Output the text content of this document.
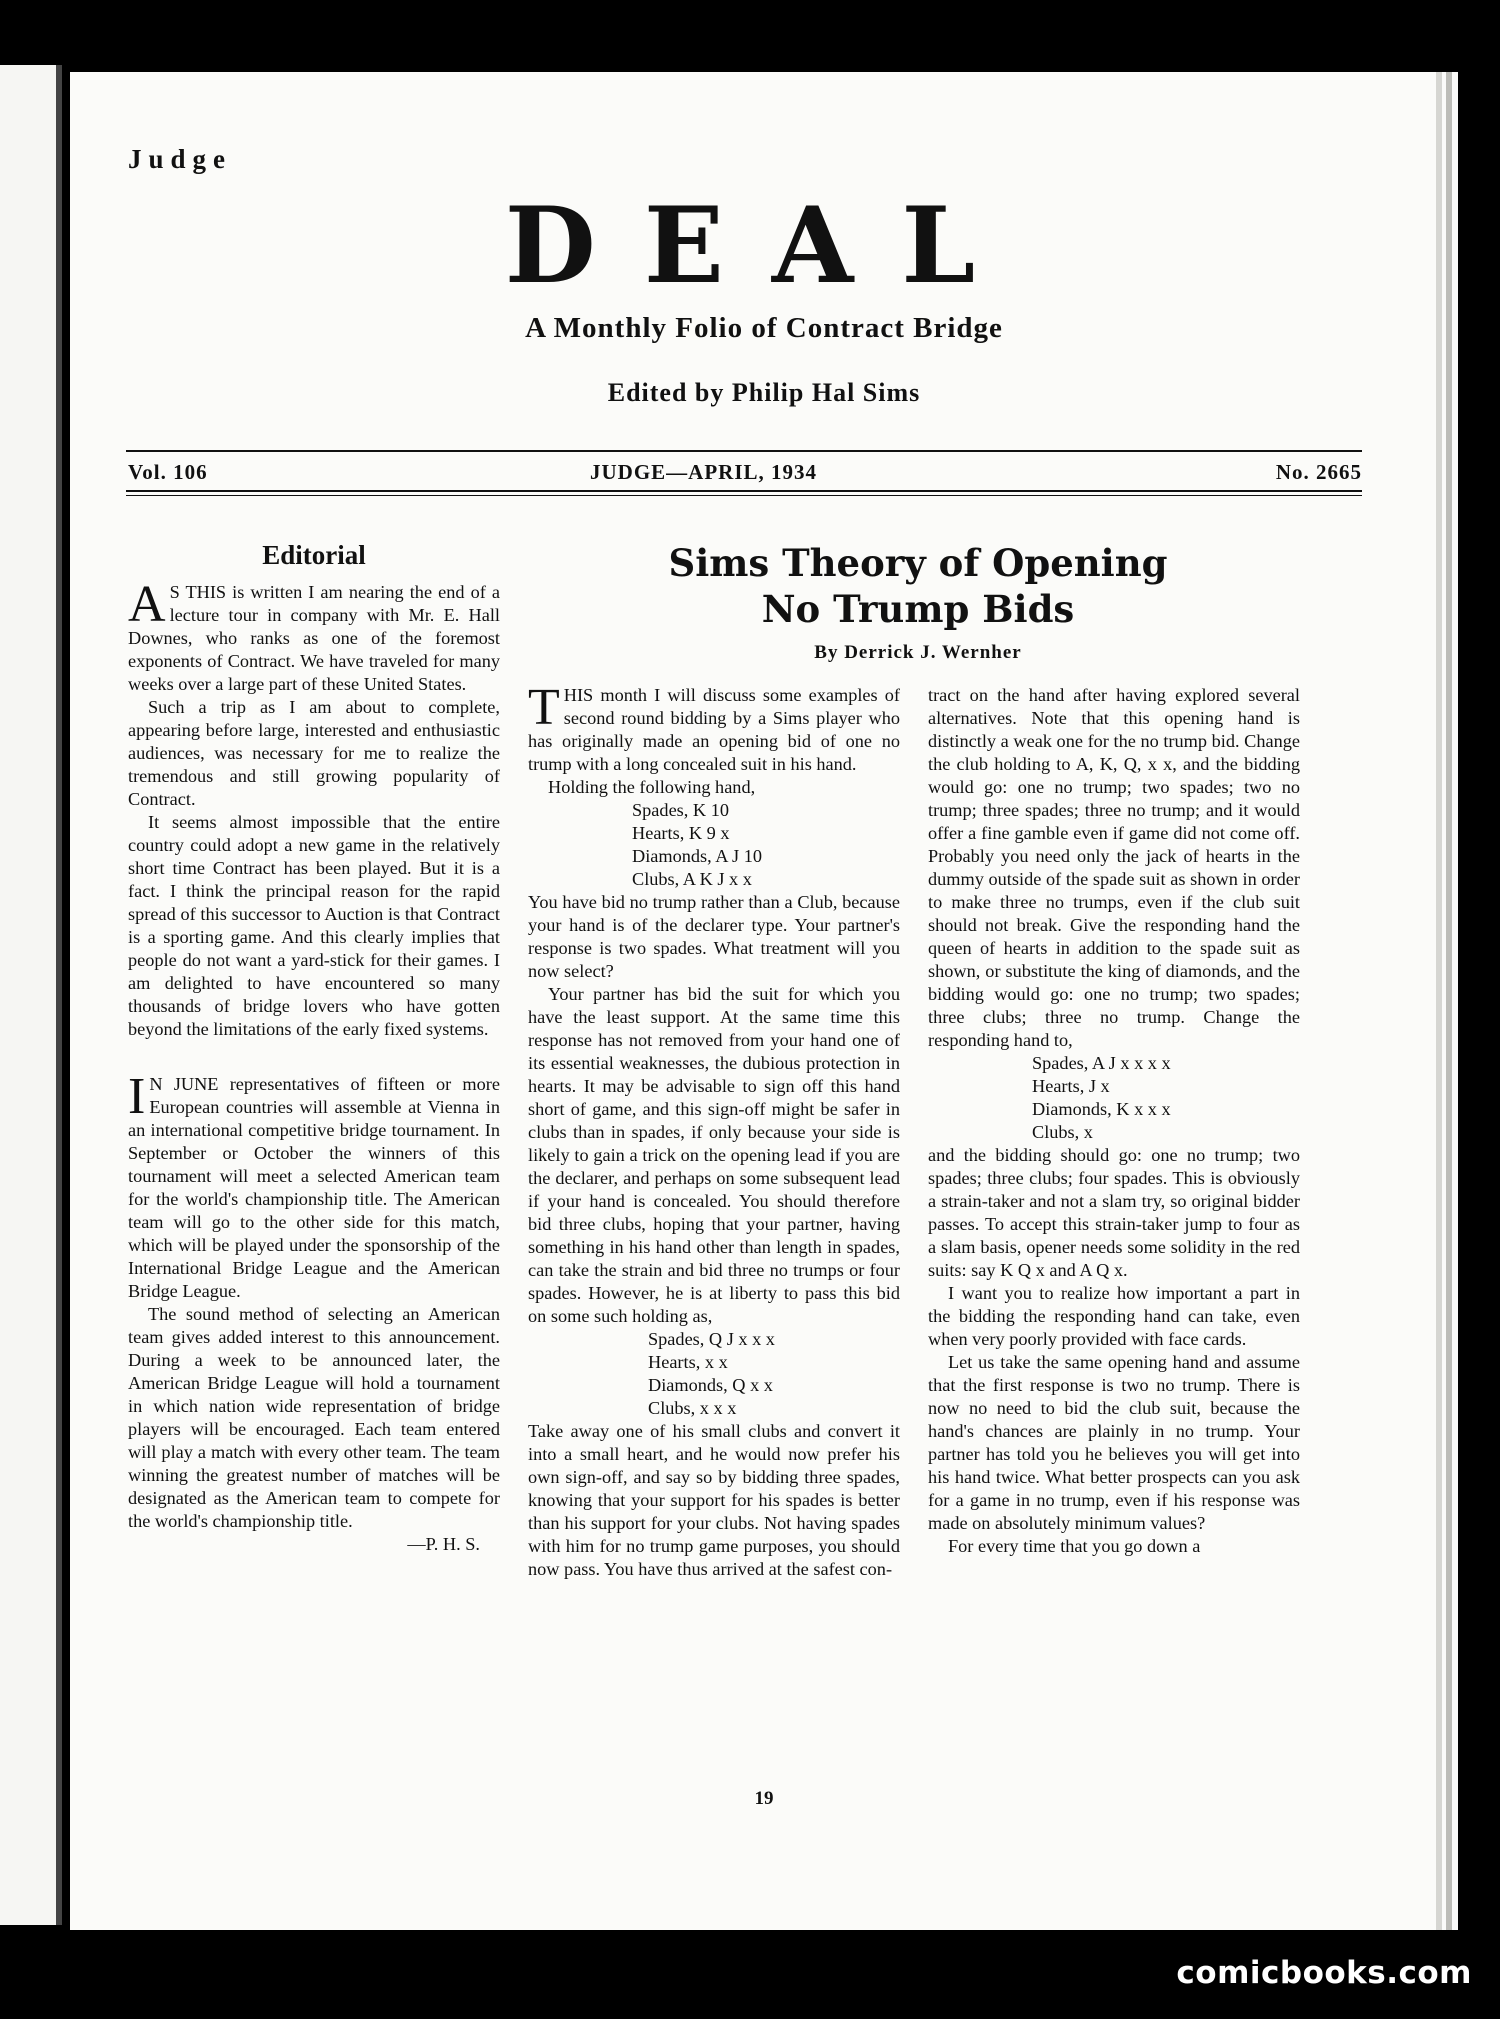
Judge
DEAL
A Monthly Folio of Contract Bridge
Edited by Philip Hal Sims
Vol. 106	JUDGE—APRIL, 1934	No. 2665
Editorial

A S THIS is written I am nearing the end of a lecture tour in company with Mr. E. Hall Downes, who ranks as one of the foremost exponents of Contract. We have traveled for many weeks over a large part of these United States.

Such a trip as I am about to complete, appearing before large, interested and enthusiastic audiences, was necessary for me to realize the tremendous and still growing popularity of Contract.

It seems almost impossible that the entire country could adopt a new game in the relatively short time Contract has been played. But it is a fact. I think the principal reason for the rapid spread of this successor to Auction is that Contract is a sporting game. And this clearly implies that people do not want a yard-stick for their games. I am delighted to have encountered so many thousands of bridge lovers who have gotten beyond the limitations of the early fixed systems.

I N JUNE representatives of fifteen or more European countries will assemble at Vienna in an international competitive bridge tournament. In September or October the winners of this tournament will meet a selected American team for the world's championship title. The American team will go to the other side for this match, which will be played under the sponsorship of the International Bridge League and the American Bridge League.

The sound method of selecting an American team gives added interest to this announcement. During a week to be announced later, the American Bridge League will hold a tournament in which nation wide representation of bridge players will be encouraged. Each team entered will play a match with every other team. The team winning the greatest number of matches will be designated as the American team to compete for the world's championship title.

—P. H. S.
Sims Theory of Opening
No Trump Bids
By Derrick J. Wernher

THIS month I will discuss some examples of second round bidding by a Sims player who has originally made an opening bid of one no trump with a long concealed suit in his hand.

Holding the following hand,

Spades, K 10

Hearts, K 9 x

Diamonds, A J 10

Clubs, A K J x x

You have bid no trump rather than a Club, because your hand is of the declarer type. Your partner's response is two spades. What treatment will you now select?

Your partner has bid the suit for which you have the least support. At the same time this response has not removed from your hand one of its essential weaknesses, the dubious protection in hearts. It may be advisable to sign off this hand short of game, and this sign-off might be safer in clubs than in spades, if only because your side is likely to gain a trick on the opening lead if you are the declarer, and perhaps on some subsequent lead if your hand is concealed. You should therefore bid three clubs, hoping that your partner, having something in his hand other than length in spades, can take the strain and bid three no trumps or four spades. However, he is at liberty to pass this bid on some such holding as,

Spades, Q J x x x

Hearts, x x

Diamonds, Q x x

Clubs, x x x

Take away one of his small clubs and convert it into a small heart, and he would now prefer his own sign-off, and say so by bidding three spades, knowing that your support for his spades is better than his support for your clubs. Not having spades with him for no trump game purposes, you should now pass. You have thus arrived at the safest con-

tract on the hand after having explored several alternatives. Note that this opening hand is distinctly a weak one for the no trump bid. Change the club holding to A, K, Q, x x, and the bidding would go: one no trump; two spades; two no trump; three spades; three no trump; and it would offer a fine gamble even if game did not come off. Probably you need only the jack of hearts in the dummy outside of the spade suit as shown in order to make three no trumps, even if the club suit should not break. Give the responding hand the queen of hearts in addition to the spade suit as shown, or substitute the king of diamonds, and the bidding would go: one no trump; two spades; three clubs; three no trump. Change the responding hand to,

Spades, A J x x x x

Hearts, J x

Diamonds, K x x x

Clubs, x

and the bidding should go: one no trump; two spades; three clubs; four spades. This is obviously a strain-taker and not a slam try, so original bidder passes. To accept this strain-taker jump to four as a slam basis, opener needs some solidity in the red suits: say K Q x and A Q x.

I want you to realize how important a part in the bidding the responding hand can take, even when very poorly provided with face cards.

Let us take the same opening hand and assume that the first response is two no trump. There is now no need to bid the club suit, because the hand's chances are plainly in no trump. Your partner has told you he believes you will get into his hand twice. What better prospects can you ask for a game in no trump, even if his response was made on absolutely minimum values?

For every time that you go down a

19
comicbooks.com
